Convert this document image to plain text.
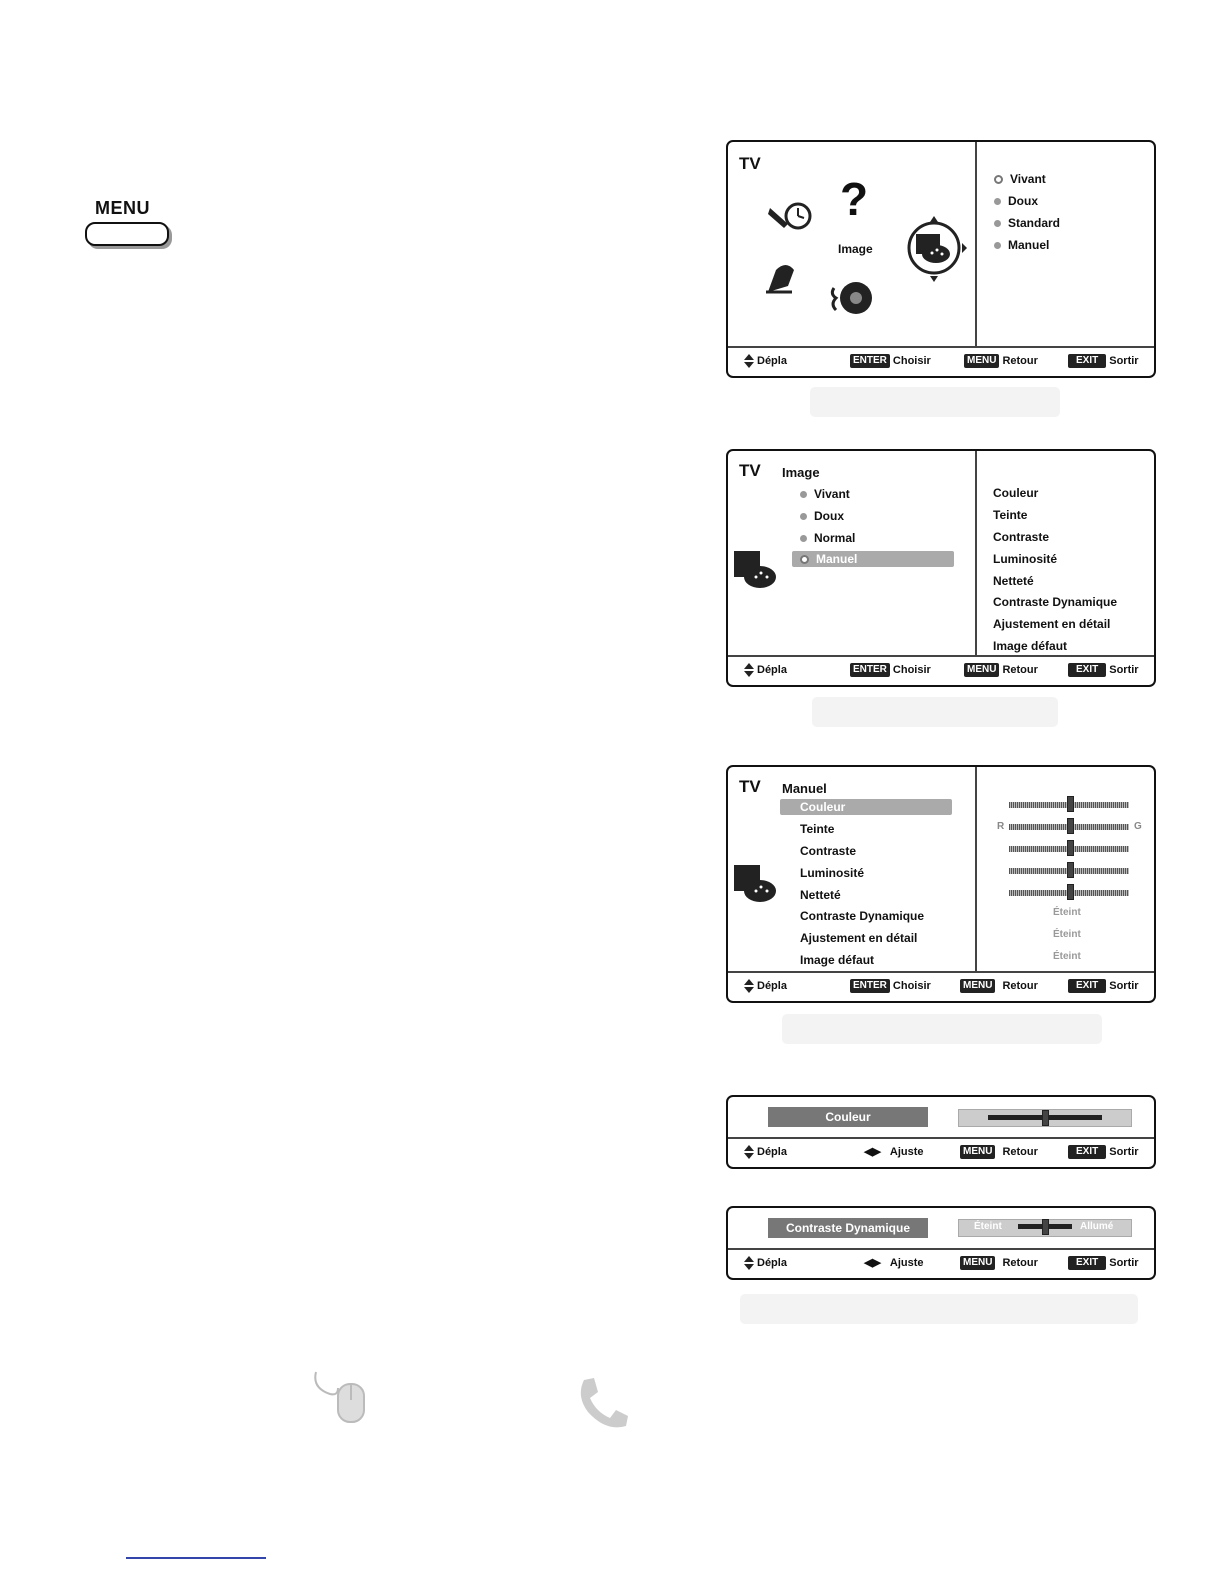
MENU
TV
?
Image
Vivant
Doux
Standard
Manuel
Dépla	ENTER Choisir	MENU Retour	EXIT	Sortir
TV Image
Vivant
Doux
Normal
Manuel
Couleur
Teinte
Contraste
Luminosité
Netteté
Contraste Dynamique
Ajustement en détail
Image défaut
Dépla	ENTER Choisir	MENU Retour	EXIT	Sortir
TV Manuel
Couleur
Teinte
Contraste
Luminosité
Netteté
Contraste Dynamique
Ajustement en détail
Image défaut
R	G
Éteint
Éteint
Éteint
Dépla	ENTER Choisir	MENU Retour	EXIT	Sortir
Couleur
Dépla	◀▶ Ajuste	MENU Retour	EXIT	Sortir
Contraste Dynamique	Éteint	Allumé
Dépla	◀▶ Ajuste	MENU Retour	EXIT	Sortir
